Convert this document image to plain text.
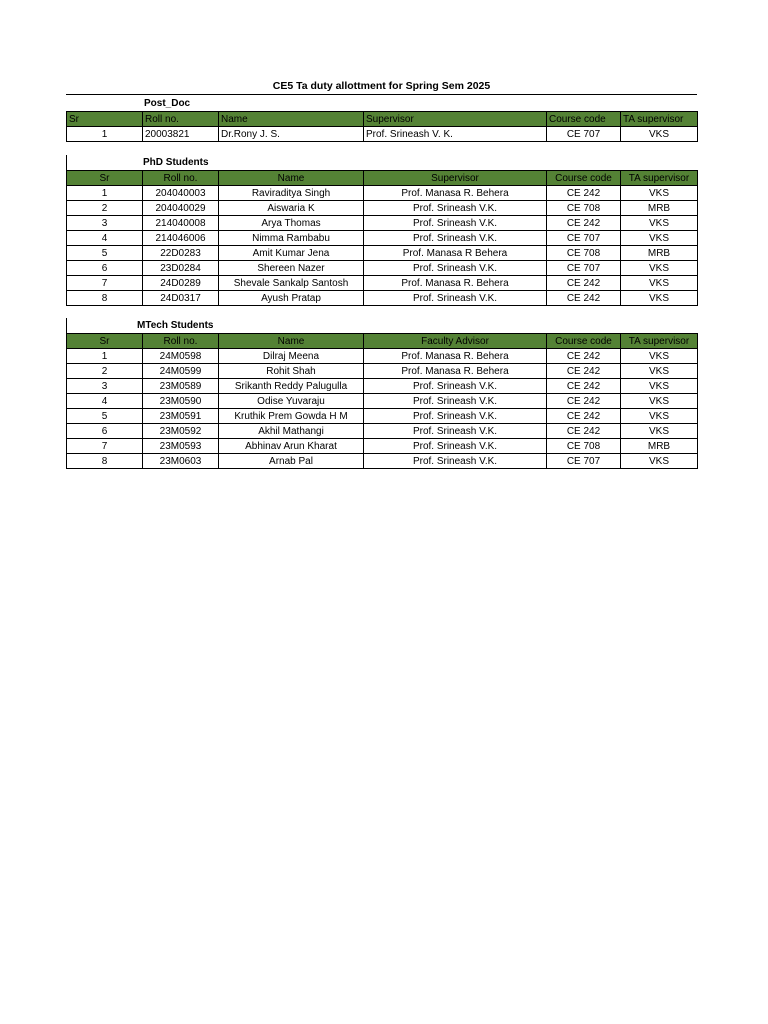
CE5 Ta duty allottment for Spring Sem 2025
Post_Doc
Sr	Roll no.	Name	Supervisor	Course code	TA supervisor
1	20003821	Dr.Rony J. S.	Prof. Srineash V. K.	CE 707	VKS
PhD Students
Sr	Roll no.	Name	Supervisor	Course code	TA supervisor
1	204040003	Raviraditya Singh	Prof. Manasa R. Behera	CE 242	VKS
2	204040029	Aiswaria K	Prof. Srineash V.K.	CE 708	MRB
3	214040008	Arya Thomas	Prof. Srineash V.K.	CE 242	VKS
4	214046006	Nimma Rambabu	Prof. Srineash V.K.	CE 707	VKS
5	22D0283	Amit Kumar Jena	Prof. Manasa R Behera	CE 708	MRB
6	23D0284	Shereen Nazer	Prof. Srineash V.K.	CE 707	VKS
7	24D0289	Shevale Sankalp Santosh	Prof. Manasa R. Behera	CE 242	VKS
8	24D0317	Ayush Pratap	Prof. Srineash V.K.	CE 242	VKS
MTech Students
Sr	Roll no.	Name	Faculty Advisor	Course code	TA supervisor
1	24M0598	Dilraj Meena	Prof. Manasa R. Behera	CE 242	VKS
2	24M0599	Rohit Shah	Prof. Manasa R. Behera	CE 242	VKS
3	23M0589	Srikanth Reddy Palugulla	Prof. Srineash V.K.	CE 242	VKS
4	23M0590	Odise Yuvaraju	Prof. Srineash V.K.	CE 242	VKS
5	23M0591	Kruthik Prem Gowda H M	Prof. Srineash V.K.	CE 242	VKS
6	23M0592	Akhil Mathangi	Prof. Srineash V.K.	CE 242	VKS
7	23M0593	Abhinav Arun Kharat	Prof. Srineash V.K.	CE 708	MRB
8	23M0603	Arnab Pal	Prof. Srineash V.K.	CE 707	VKS
